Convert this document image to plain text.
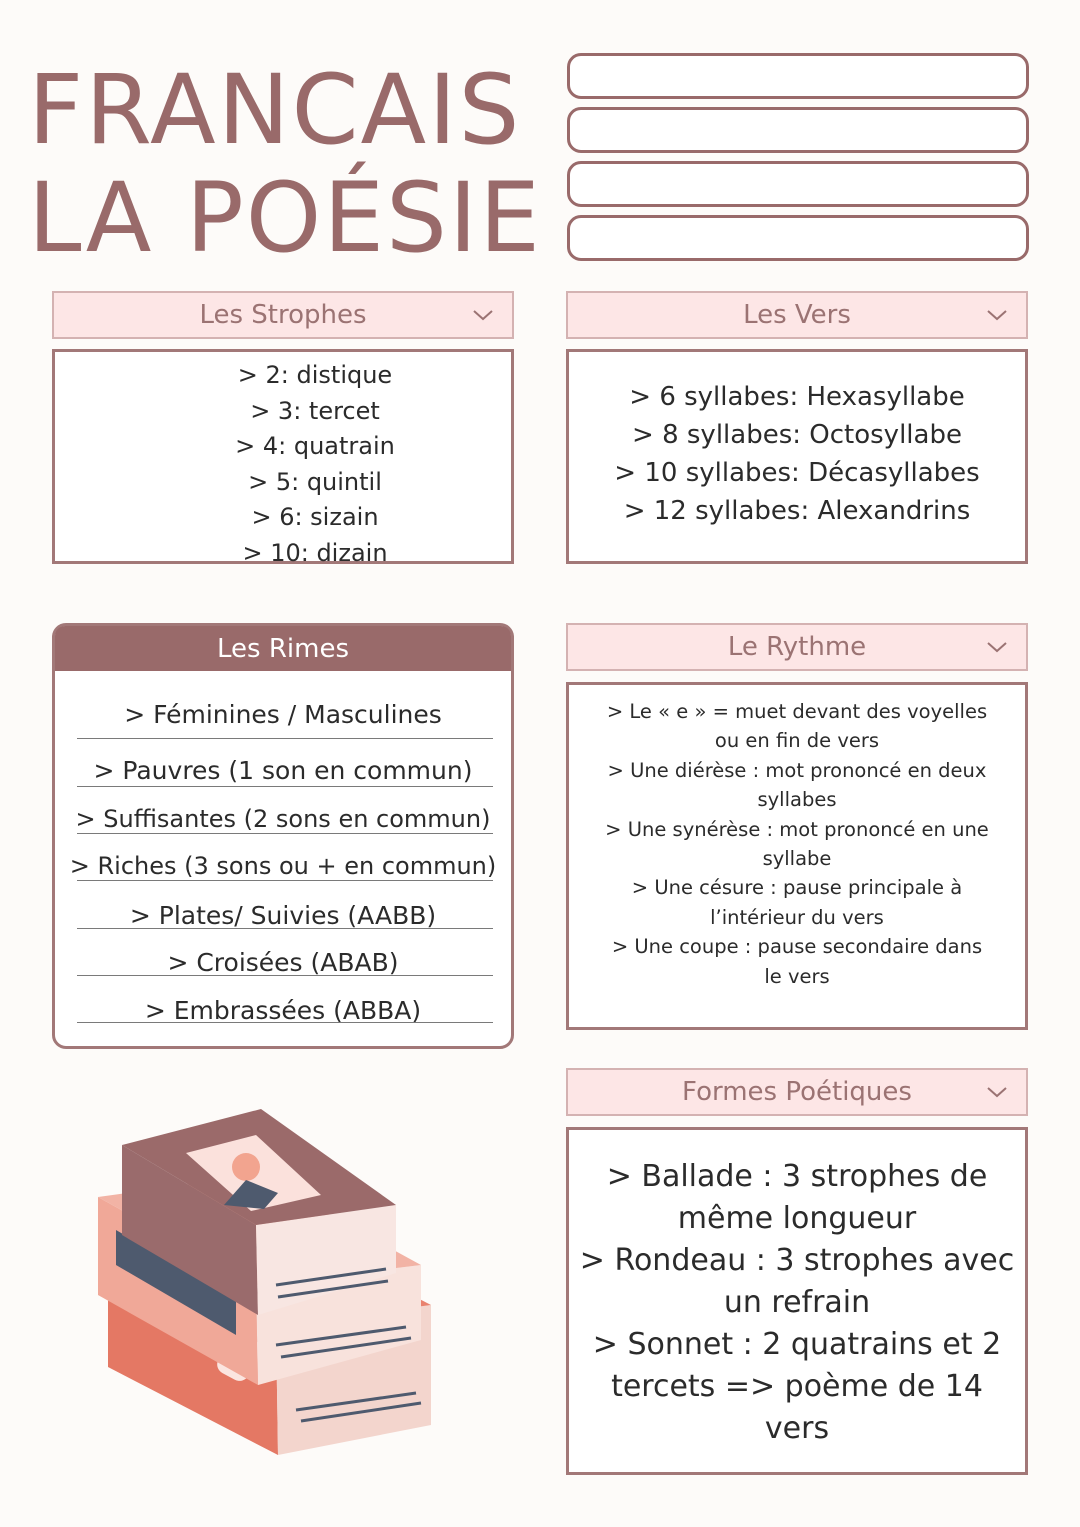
FRANCAIS
LA POÉSIE
Les Strophes
> 2: distique
> 3: tercet
> 4: quatrain
> 5: quintil
> 6: sizain
> 10: dizain
Les Vers
> 6 syllabes: Hexasyllabe
> 8 syllabes: Octosyllabe
> 10 syllabes: Décasyllabes
> 12 syllabes: Alexandrins
Les Rimes
> Féminines / Masculines
> Pauvres (1 son en commun)
> Suffisantes (2 sons en commun)
> Riches (3 sons ou + en commun)
> Plates/ Suivies (AABB)
> Croisées (ABAB)
> Embrassées (ABBA)
Le Rythme
> Le « e » = muet devant des voyelles
ou en fin de vers
> Une diérèse : mot prononcé en deux
syllabes
> Une synérèse : mot prononcé en une
syllabe
> Une césure : pause principale à
l’intérieur du vers
> Une coupe : pause secondaire dans
le vers
Formes Poétiques
> Ballade : 3 strophes de
même longueur
> Rondeau : 3 strophes avec
un refrain
> Sonnet : 2 quatrains et 2
tercets => poème de 14 vers
